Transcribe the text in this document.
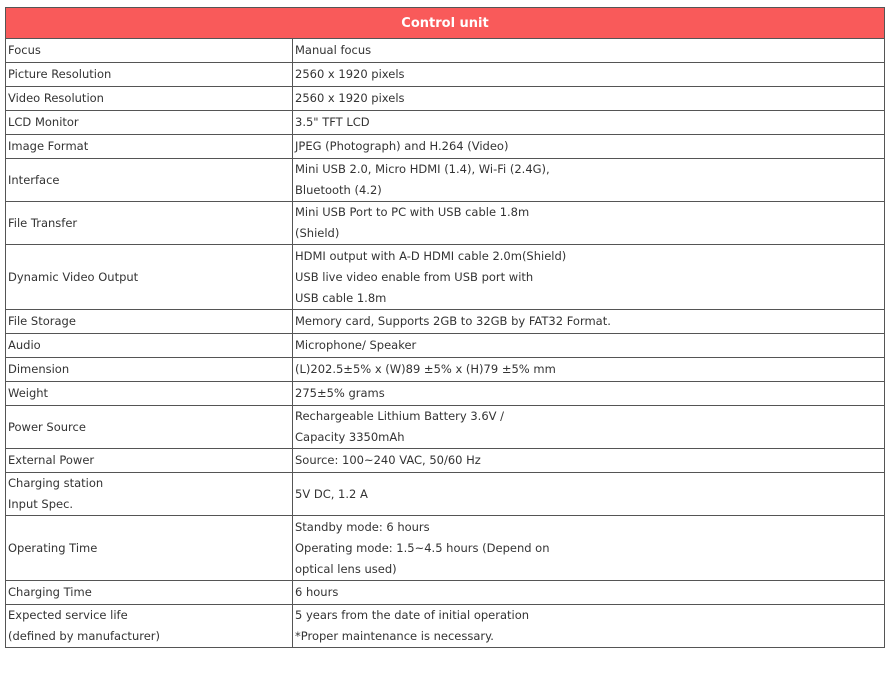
Control unit	

Focus	Manual focus

Picture Resolution	2560 x 1920 pixels

Video Resolution	2560 x 1920 pixels

LCD Monitor	3.5" TFT LCD

Image Format	JPEG (Photograph) and H.264 (Video)

Interface	Mini USB 2.0, Micro HDMI (1.4), Wi-Fi (2.4G),
Bluetooth (4.2)

File Transfer	Mini USB Port to PC with USB cable 1.8m
(Shield)

Dynamic Video Output	HDMI output with A-D HDMI cable 2.0m(Shield)
USB live video enable from USB port with
USB cable 1.8m

File Storage	Memory card, Supports 2GB to 32GB by FAT32 Format.

Audio	Microphone/ Speaker

Dimension	(L)202.5±5% x (W)89 ±5% x (H)79 ±5% mm

Weight	275±5% grams

Power Source	Rechargeable Lithium Battery 3.6V /
Capacity 3350mAh

External Power	Source: 100~240 VAC, 50/60 Hz

Charging station
Input Spec.	5V DC, 1.2 A

Operating Time	Standby mode: 6 hours
Operating mode: 1.5~4.5 hours (Depend on
optical lens used)

Charging Time	6 hours

Expected service life
(defined by manufacturer)	5 years from the date of initial operation
*Proper maintenance is necessary.
